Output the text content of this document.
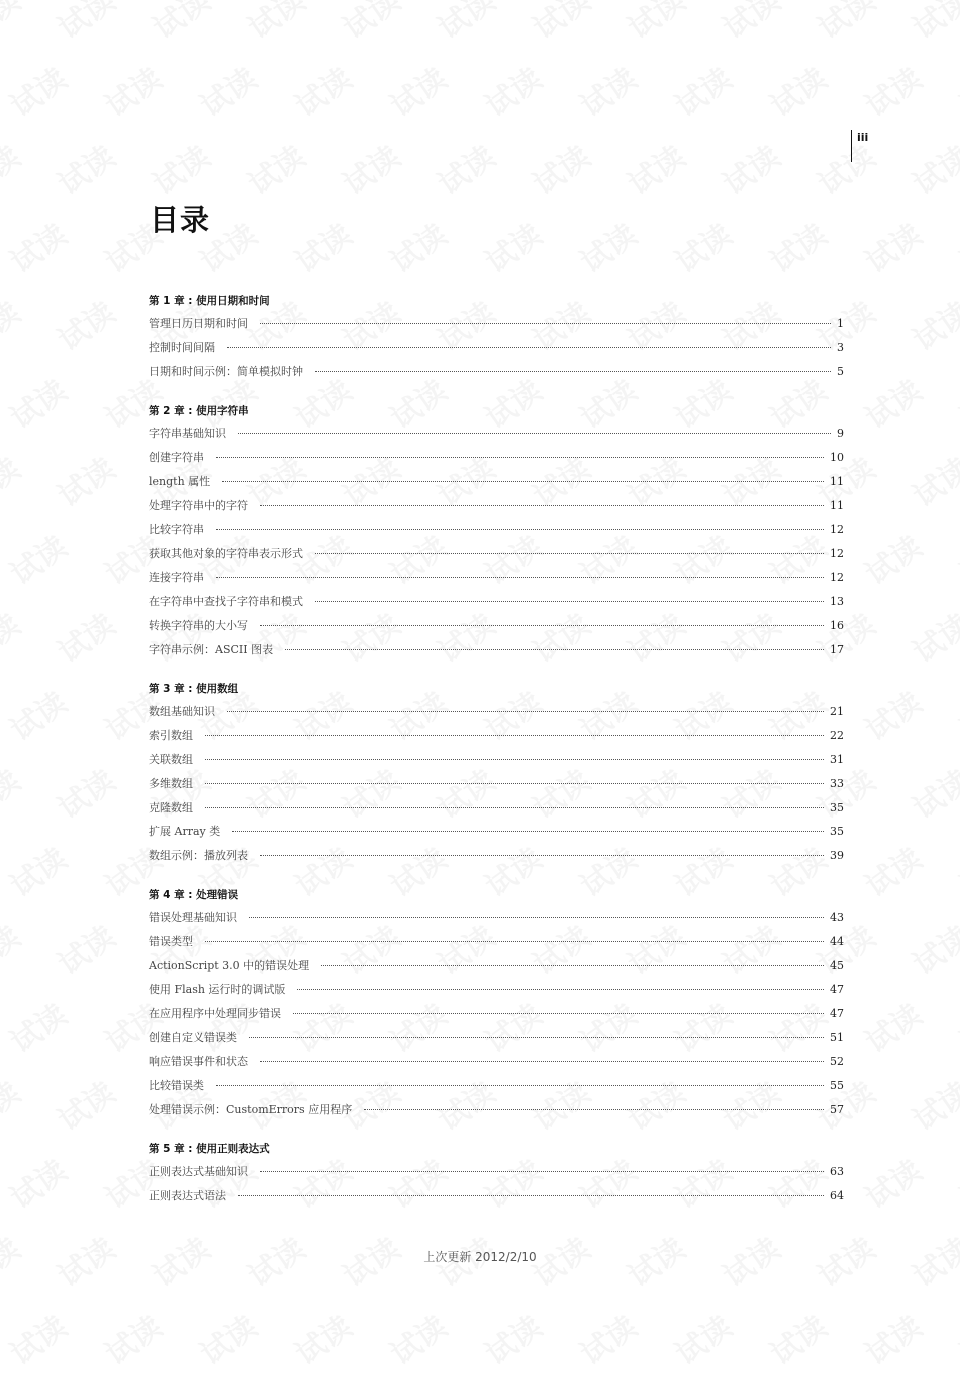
iii
目录
第 1 章 : 使用日期和时间
管理日历日期和时间	1
控制时间间隔	3
日期和时间示例：简单模拟时钟	5
第 2 章 : 使用字符串
字符串基础知识	9
创建字符串	10
length 属性	11
处理字符串中的字符	11
比较字符串	12
获取其他对象的字符串表示形式	12
连接字符串	12
在字符串中查找子字符串和模式	13
转换字符串的大小写	16
字符串示例：ASCII 图表	17
第 3 章 : 使用数组
数组基础知识	21
索引数组	22
关联数组	31
多维数组	33
克隆数组	35
扩展 Array 类	35
数组示例：播放列表	39
第 4 章 : 处理错误
错误处理基础知识	43
错误类型	44
ActionScript 3.0 中的错误处理	45
使用 Flash 运行时的调试版	47
在应用程序中处理同步错误	47
创建自定义错误类	51
响应错误事件和状态	52
比较错误类	55
处理错误示例：CustomErrors 应用程序	57
第 5 章 : 使用正则表达式
正则表达式基础知识	63
正则表达式语法	64
上次更新 2012/2/10
